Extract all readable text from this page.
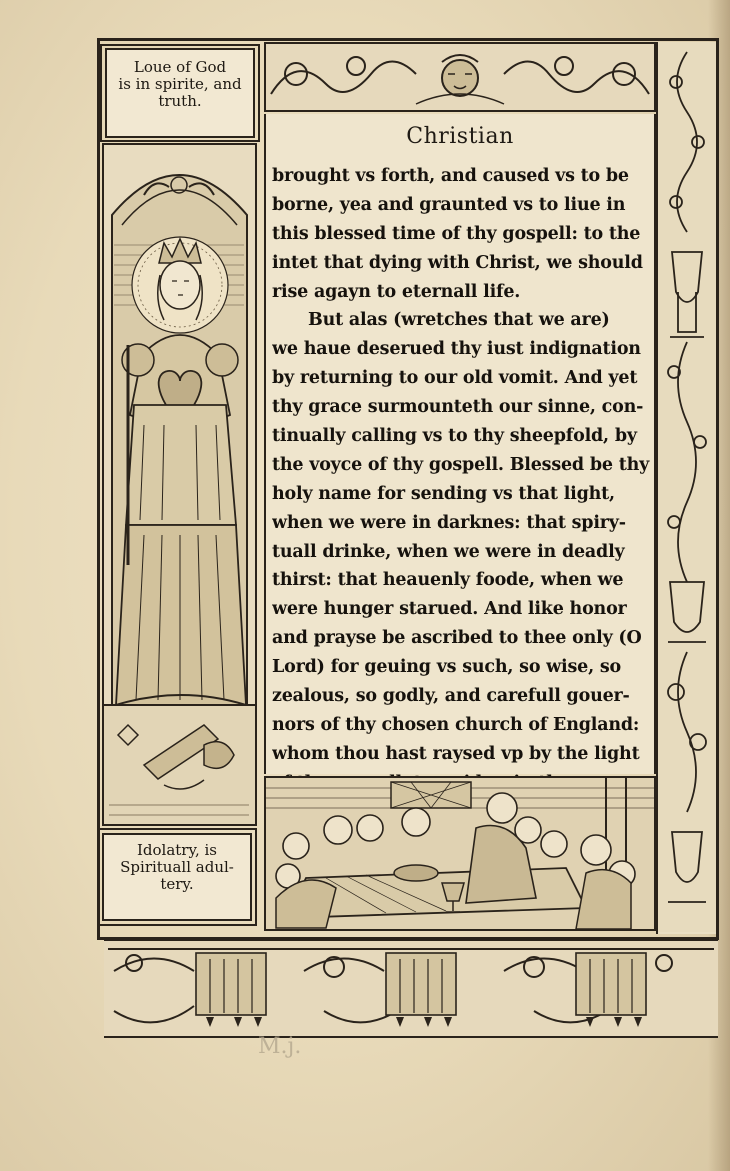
Loue of God
is in spirite, and
truth.
Idolatry, is
Spirituall adul-
tery.
Christian
brought vs forth, and caused vs to be
borne, yea and graunted vs to liue in
this blessed time of thy gospell: to the
intet that dying with Christ, we should
rise agayn to eternall life.
But alas (wretches that we are)
we haue deserued thy iust indignation
by returning to our old vomit. And yet
thy grace surmounteth our sinne, con-
tinually calling vs to thy sheepfold, by
the voyce of thy gospell. Blessed be thy
holy name for sending vs that light,
when we were in darknes: that spiry-
tuall drinke, when we were in deadly
thirst: that heauenly foode, when we
were hunger starued. And like honor
and prayse be ascribed to thee only (O
Lord) for geuing vs such, so wise, so
zealous, so godly, and carefull gouer-
nors of thy chosen church of England:
whom thou hast raysed vp by the light
M.j.
